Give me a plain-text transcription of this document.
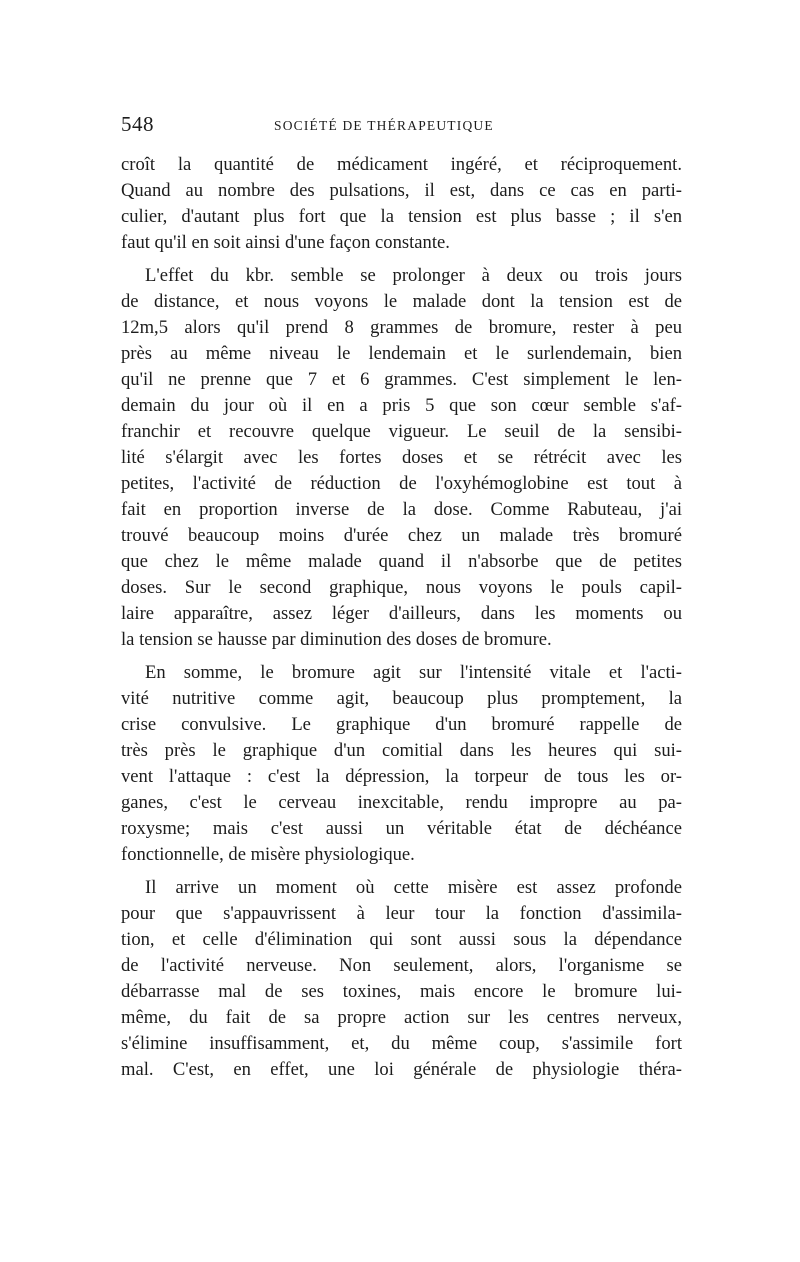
548	SOCIÉTÉ DE THÉRAPEUTIQUE
croît la quantité de médicament ingéré, et réciproquement.
Quand au nombre des pulsations, il est, dans ce cas en parti-
culier, d'autant plus fort que la tension est plus basse ; il s'en
faut qu'il en soit ainsi d'une façon constante.
L'effet du kbr. semble se prolonger à deux ou trois jours
de distance, et nous voyons le malade dont la tension est de
12m,5 alors qu'il prend 8 grammes de bromure, rester à peu
près au même niveau le lendemain et le surlendemain, bien
qu'il ne prenne que 7 et 6 grammes. C'est simplement le len-
demain du jour où il en a pris 5 que son cœur semble s'af-
franchir et recouvre quelque vigueur. Le seuil de la sensibi-
lité s'élargit avec les fortes doses et se rétrécit avec les
petites, l'activité de réduction de l'oxyhémoglobine est tout à
fait en proportion inverse de la dose. Comme Rabuteau, j'ai
trouvé beaucoup moins d'urée chez un malade très bromuré
que chez le même malade quand il n'absorbe que de petites
doses. Sur le second graphique, nous voyons le pouls capil-
laire apparaître, assez léger d'ailleurs, dans les moments ou
la tension se hausse par diminution des doses de bromure.
En somme, le bromure agit sur l'intensité vitale et l'acti-
vité nutritive comme agit, beaucoup plus promptement, la
crise convulsive. Le graphique d'un bromuré rappelle de
très près le graphique d'un comitial dans les heures qui sui-
vent l'attaque : c'est la dépression, la torpeur de tous les or-
ganes, c'est le cerveau inexcitable, rendu impropre au pa-
roxysme; mais c'est aussi un véritable état de déchéance
fonctionnelle, de misère physiologique.
Il arrive un moment où cette misère est assez profonde
pour que s'appauvrissent à leur tour la fonction d'assimila-
tion, et celle d'élimination qui sont aussi sous la dépendance
de l'activité nerveuse. Non seulement, alors, l'organisme se
débarrasse mal de ses toxines, mais encore le bromure lui-
même, du fait de sa propre action sur les centres nerveux,
s'élimine insuffisamment, et, du même coup, s'assimile fort
mal. C'est, en effet, une loi générale de physiologie théra-
